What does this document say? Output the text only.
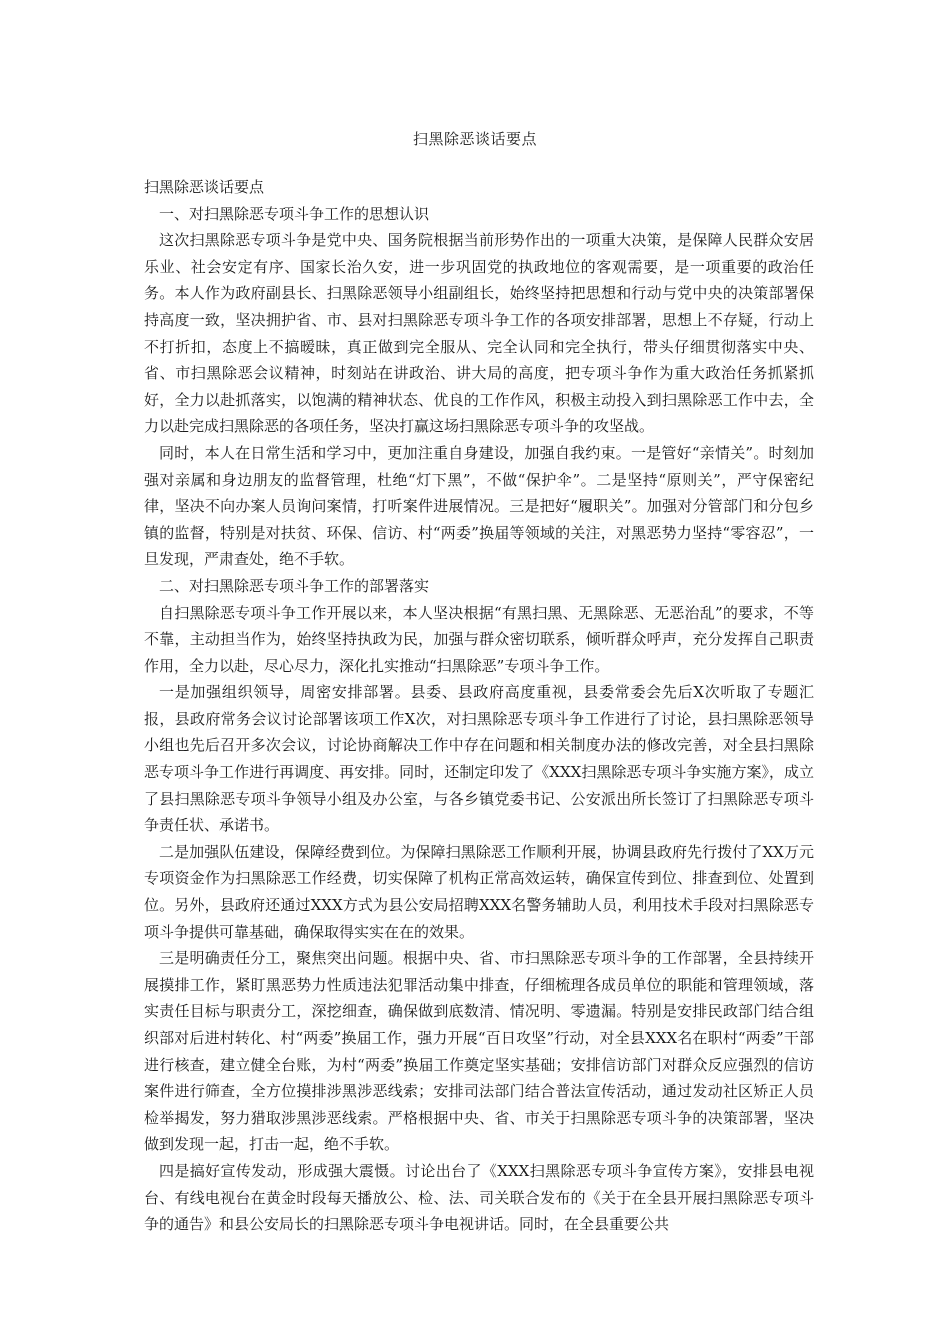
扫黑除恶谈话要点

扫黑除恶谈话要点

一、对扫黑除恶专项斗争工作的思想认识

这次扫黑除恶专项斗争是党中央、国务院根据当前形势作出的一项重大决策，是保障人民群众安居乐业、社会安定有序、国家长治久安，进一步巩固党的执政地位的客观需要，是一项重要的政治任务。本人作为政府副县长、扫黑除恶领导小组副组长，始终坚持把思想和行动与党中央的决策部署保持高度一致，坚决拥护省、市、县对扫黑除恶专项斗争工作的各项安排部署，思想上不存疑，行动上不打折扣，态度上不搞暧昧，真正做到完全服从、完全认同和完全执行，带头仔细贯彻落实中央、省、市扫黑除恶会议精神，时刻站在讲政治、讲大局的高度，把专项斗争作为重大政治任务抓紧抓好，全力以赴抓落实，以饱满的精神状态、优良的工作作风，积极主动投入到扫黑除恶工作中去，全力以赴完成扫黑除恶的各项任务，坚决打赢这场扫黑除恶专项斗争的攻坚战。

同时，本人在日常生活和学习中，更加注重自身建设，加强自我约束。一是管好“亲情关”。时刻加强对亲属和身边朋友的监督管理，杜绝“灯下黑”，不做“保护伞”。二是坚持“原则关”，严守保密纪律，坚决不向办案人员询问案情，打听案件进展情况。三是把好“履职关”。加强对分管部门和分包乡镇的监督，特别是对扶贫、环保、信访、村“两委”换届等领域的关注，对黑恶势力坚持“零容忍”，一旦发现，严肃查处，绝不手软。

二、对扫黑除恶专项斗争工作的部署落实

自扫黑除恶专项斗争工作开展以来，本人坚决根据“有黑扫黑、无黑除恶、无恶治乱”的要求，不等不靠，主动担当作为，始终坚持执政为民，加强与群众密切联系，倾听群众呼声，充分发挥自己职责作用，全力以赴，尽心尽力，深化扎实推动“扫黑除恶”专项斗争工作。

一是加强组织领导，周密安排部署。县委、县政府高度重视，县委常委会先后X次听取了专题汇报，县政府常务会议讨论部署该项工作X次，对扫黑除恶专项斗争工作进行了讨论，县扫黑除恶领导小组也先后召开多次会议，讨论协商解决工作中存在问题和相关制度办法的修改完善，对全县扫黑除恶专项斗争工作进行再调度、再安排。同时，还制定印发了《XXX扫黑除恶专项斗争实施方案》，成立了县扫黑除恶专项斗争领导小组及办公室，与各乡镇党委书记、公安派出所长签订了扫黑除恶专项斗争责任状、承诺书。

二是加强队伍建设，保障经费到位。为保障扫黑除恶工作顺利开展，协调县政府先行拨付了XX万元专项资金作为扫黑除恶工作经费，切实保障了机构正常高效运转，确保宣传到位、排查到位、处置到位。另外，县政府还通过XXX方式为县公安局招聘XXX名警务辅助人员，利用技术手段对扫黑除恶专项斗争提供可靠基础，确保取得实实在在的效果。

三是明确责任分工，聚焦突出问题。根据中央、省、市扫黑除恶专项斗争的工作部署，全县持续开展摸排工作，紧盯黑恶势力性质违法犯罪活动集中排查，仔细梳理各成员单位的职能和管理领域，落实责任目标与职责分工，深挖细查，确保做到底数清、情况明、零遗漏。特别是安排民政部门结合组织部对后进村转化、村“两委”换届工作，强力开展“百日攻坚”行动，对全县XXX名在职村“两委”干部进行核查，建立健全台账，为村“两委”换届工作奠定坚实基础；安排信访部门对群众反应强烈的信访案件进行筛查，全方位摸排涉黑涉恶线索；安排司法部门结合普法宣传活动，通过发动社区矫正人员检举揭发，努力猎取涉黑涉恶线索。严格根据中央、省、市关于扫黑除恶专项斗争的决策部署，坚决做到发现一起，打击一起，绝不手软。

四是搞好宣传发动，形成强大震慑。讨论出台了《XXX扫黑除恶专项斗争宣传方案》，安排县电视台、有线电视台在黄金时段每天播放公、检、法、司关联合发布的《关于在全县开展扫黑除恶专项斗争的通告》和县公安局长的扫黑除恶专项斗争电视讲话。同时，在全县重要公共
